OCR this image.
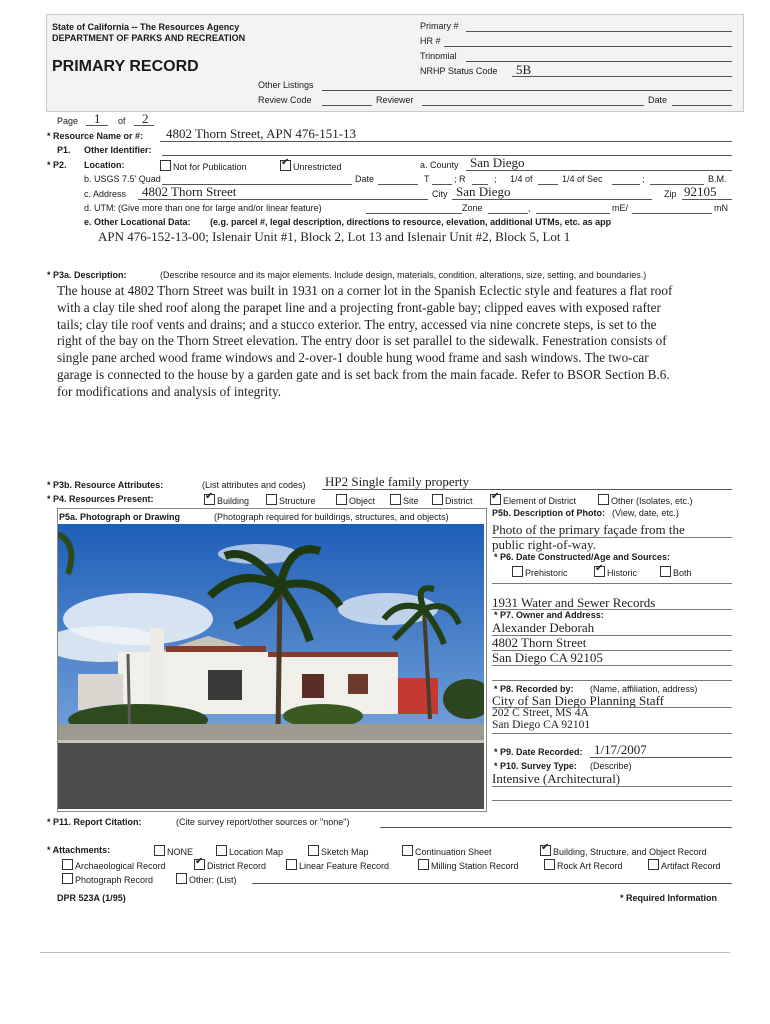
State of California -- The Resources Agency
DEPARTMENT OF PARKS AND RECREATION
PRIMARY RECORD
Primary #
HR #
Trinomial
NRHP Status Code 5B
Other Listings
Review Code	Reviewer	Date
Page 1 of 2
* Resource Name or #: 4802 Thorn Street, APN 476-151-13
P1. Other Identifier:
* P2. Location:	Not for Publication ✔	Unrestricted	a. County San Diego
b. USGS 7.5' Quad	Date	T	; R	; 1/4 of	1/4 of Sec	;	B.M.
c. Address 4802 Thorn Street	City San Diego	Zip 92105
d. UTM: (Give more than one for large and/or linear feature)	Zone	,	mE/	mN
e. Other Locational Data: (e.g. parcel #, legal description, directions to resource, elevation, additional UTMs, etc. as app
APN 476-152-13-00; Islenair Unit #1, Block 2, Lot 13 and Islenair Unit #2, Block 5, Lot 1
* P3a. Description:	(Describe resource and its major elements. Include design, materials, condition, alterations, size, setting, and boundaries.)
The house at 4802 Thorn Street was built in 1931 on a corner lot in the Spanish Eclectic style and features a flat roof
with a clay tile shed roof along the parapet line and a projecting front-gable bay; clipped eaves with exposed rafter
tails; clay tile roof vents and drains; and a stucco exterior. The entry, accessed via nine concrete steps, is set to the
right of the bay on the Thorn Street elevation. The entry door is set parallel to the sidewalk. Fenestration consists of
single pane arched wood frame windows and 2-over-1 double hung wood frame and sash windows. The two-car
garage is connected to the house by a garden gate and is set back from the main facade. Refer to BSOR Section B.6.
for modifications and analysis of integrity.
* P3b. Resource Attributes:	(List attributes and codes) HP2 Single family property
* P4. Resources Present: ✔	Building	Structure	Object	Site	District ✔	Element of District	Other (Isolates, etc.)
P5a. Photograph or Drawing	(Photograph required for buildings, structures, and objects)	P5b. Description of Photo: (View, date, etc.)
Photo of the primary façade from the
public right-of-way.
* P6. Date Constructed/Age and Sources:
Prehistoric ✔	Historic	Both
1931 Water and Sewer Records
* P7. Owner and Address:
Alexander Deborah
4802 Thorn Street
San Diego CA 92105
* P8. Recorded by: (Name, affiliation, address)
City of San Diego Planning Staff
202 C Street, MS 4A
San Diego CA 92101
* P9. Date Recorded: 1/17/2007
* P10. Survey Type: (Describe)
Intensive (Architectural)
* P11. Report Citation:	(Cite survey report/other sources or "none")
* Attachments:	NONE	Location Map	Sketch Map	Continuation Sheet ✔	Building, Structure, and Object Record
Archaeological Record ✔	District Record	Linear Feature Record	Milling Station Record	Rock Art Record	Artifact Record
Photograph Record	Other: (List)
DPR 523A (1/95)	* Required Information
